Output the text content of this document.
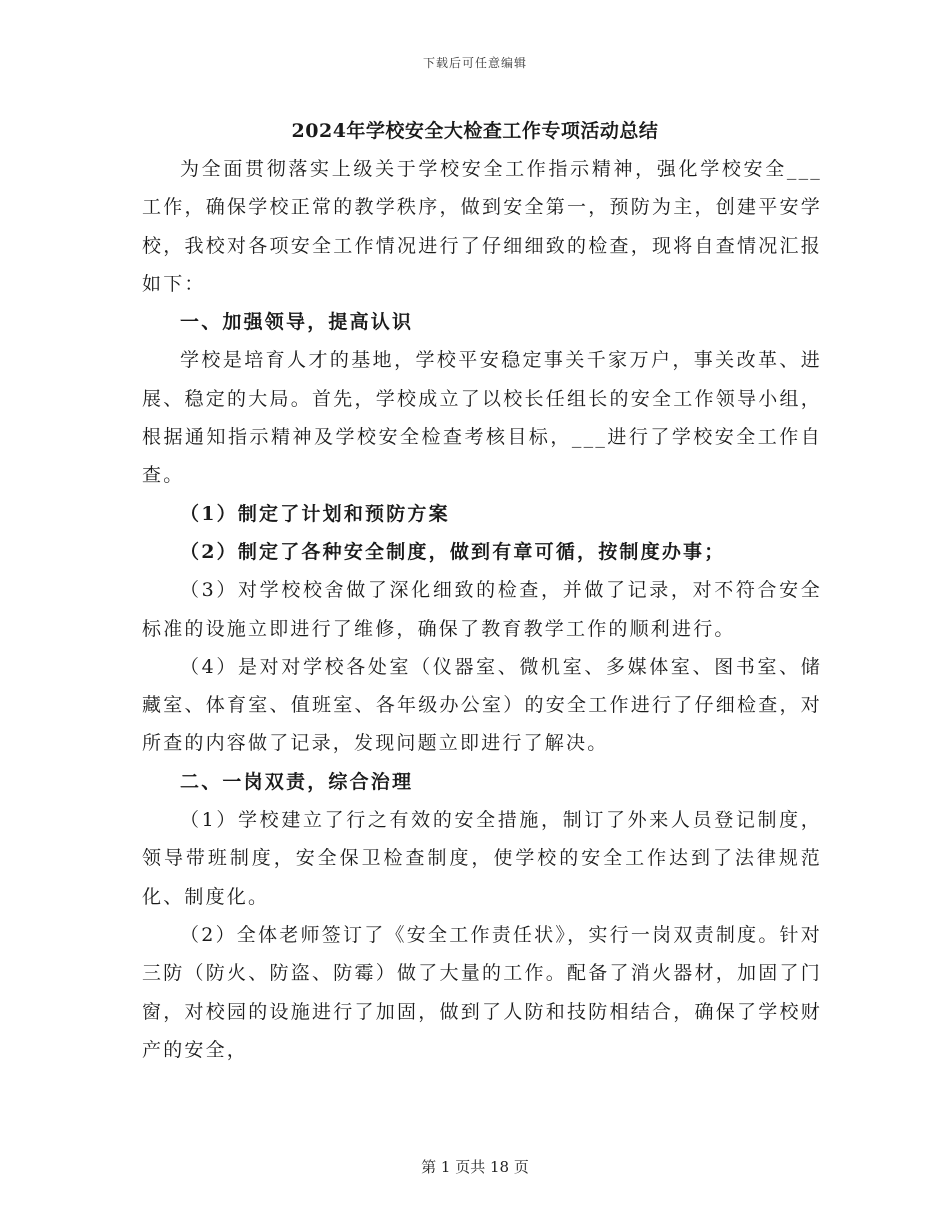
下载后可任意编辑
2024年学校安全大检查工作专项活动总结

为全面贯彻落实上级关于学校安全工作指示精神，强化学校安全___工作，确保学校正常的教学秩序，做到安全第一，预防为主，创建平安学校，我校对各项安全工作情况进行了仔细细致的检查，现将自查情况汇报如下：

一、加强领导，提高认识

学校是培育人才的基地，学校平安稳定事关千家万户，事关改革、进展、稳定的大局。首先，学校成立了以校长任组长的安全工作领导小组，根据通知指示精神及学校安全检查考核目标，___进行了学校安全工作自查。

（1）制定了计划和预防方案

（2）制定了各种安全制度，做到有章可循，按制度办事；

（3）对学校校舍做了深化细致的检查，并做了记录，对不符合安全标准的设施立即进行了维修，确保了教育教学工作的顺利进行。

（4）是对对学校各处室（仪器室、微机室、多媒体室、图书室、储藏室、体育室、值班室、各年级办公室）的安全工作进行了仔细检查，对所查的内容做了记录，发现问题立即进行了解决。

二、一岗双责，综合治理

（1）学校建立了行之有效的安全措施，制订了外来人员登记制度，领导带班制度，安全保卫检查制度，使学校的安全工作达到了法律规范化、制度化。

（2）全体老师签订了《安全工作责任状》，实行一岗双责制度。针对三防（防火、防盗、防霉）做了大量的工作。配备了消火器材，加固了门窗，对校园的设施进行了加固，做到了人防和技防相结合，确保了学校财产的安全，

第 1 页共 18 页
